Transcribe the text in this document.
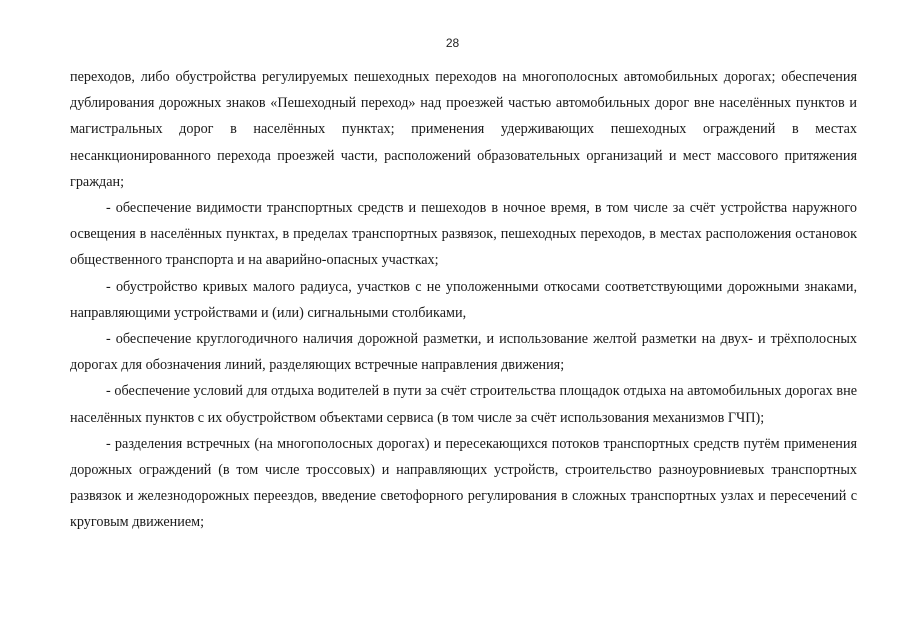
28

переходов, либо обустройства регулируемых пешеходных переходов на многополосных автомобильных дорогах; обеспечения дублирования дорожных знаков «Пешеходный переход» над проезжей частью автомобильных дорог вне населённых пунктов и магистральных дорог в населённых пунктах; применения удерживающих пешеходных ограждений в местах несанкционированного перехода проезжей части, расположений образовательных организаций и мест массового притяжения граждан;

- обеспечение видимости транспортных средств и пешеходов в ночное время, в том числе за счёт устройства наружного освещения в населённых пунктах, в пределах транспортных развязок, пешеходных переходов, в местах расположения остановок общественного транспорта и на аварийно-опасных участках;

- обустройство кривых малого радиуса, участков с не уположенными откосами соответствующими дорожными знаками, направляющими устройствами и (или) сигнальными столбиками,

- обеспечение круглогодичного наличия дорожной разметки, и использование желтой разметки на двух- и трёхполосных дорогах для обозначения линий, разделяющих встречные направления движения;

- обеспечение условий для отдыха водителей в пути за счёт строительства площадок отдыха на автомобильных дорогах вне населённых пунктов с их обустройством объектами сервиса (в том числе за счёт использования механизмов ГЧП);

- разделения встречных (на многополосных дорогах) и пересекающихся потоков транспортных средств путём применения дорожных ограждений (в том числе троссовых) и направляющих устройств, строительство разноуровниевых транспортных развязок и железнодорожных переездов, введение светофорного регулирования в сложных транспортных узлах и пересечений с круговым движением;
